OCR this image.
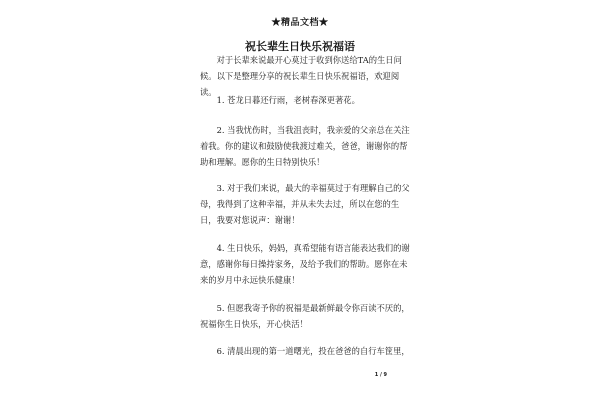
★精品文档★
祝长辈生日快乐祝福语

对于长辈来说最开心莫过于收到你送给TA的生日问候。以下是整理分享的祝长辈生日快乐祝福语，欢迎阅读。

1. 苍龙日暮还行雨，老树春深更著花。

2. 当我忧伤时，当我沮丧时，我亲爱的父亲总在关注着我。你的建议和鼓励使我渡过难关，爸爸，谢谢你的帮助和理解。愿你的生日特别快乐！

3. 对于我们来说，最大的幸福莫过于有理解自己的父母，我得到了这种幸福，并从未失去过，所以在您的生日，我要对您说声：谢谢！

4. 生日快乐，妈妈，真希望能有语言能表达我们的谢意，感谢你每日操持家务，及给予我们的帮助。愿你在未来的岁月中永远快乐健康！

5. 但愿我寄予你的祝福是最新鲜最令你百读不厌的，祝福你生日快乐，开心快活！

6. 清晨出现的第一道曙光，投在爸爸的自行车筐里，

1 / 9
